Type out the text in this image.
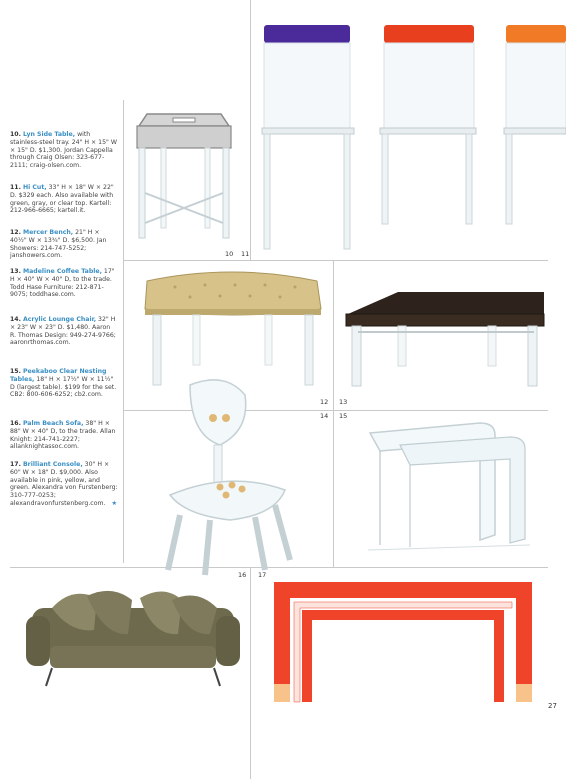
10. Lyn Side Table, with stainless-steel tray. 24" H × 15" W × 15" D. $1,300. Jordan Cappella through Craig Olsen: 323-677-2111; craig-olsen.com.
11. Hi Cut, 33" H × 18" W × 22" D. $329 each. Also available with green, gray, or clear top. Kartell: 212-966-6665; kartell.it.
12. Mercer Bench, 21" H × 40½" W × 13¾" D. $6,500. Jan Showers: 214-747-5252; janshowers.com.
13. Madeline Coffee Table, 17" H × 40" W × 40" D, to the trade. Todd Hase Furniture: 212-871-9075; toddhase.com.
14. Acrylic Lounge Chair, 32" H × 23" W × 23" D. $1,480. Aaron R. Thomas Design: 949-274-9766; aaronrthomas.com.
15. Peekaboo Clear Nesting Tables, 18" H × 17½" W × 11½" D (largest table). $199 for the set. CB2: 800-606-6252; cb2.com.
16. Palm Beach Sofa, 38" H × 88" W × 40" D, to the trade. Allan Knight: 214-741-2227; allanknightassoc.com.
17. Brilliant Console, 30" H × 60" W × 18" D. $9,000. Also available in pink, yellow, and green. Alexandra von Furstenberg: 310-777-0253; alexandravonfurstenberg.com. ★
10 11
12 13
14 15
16 17
27
